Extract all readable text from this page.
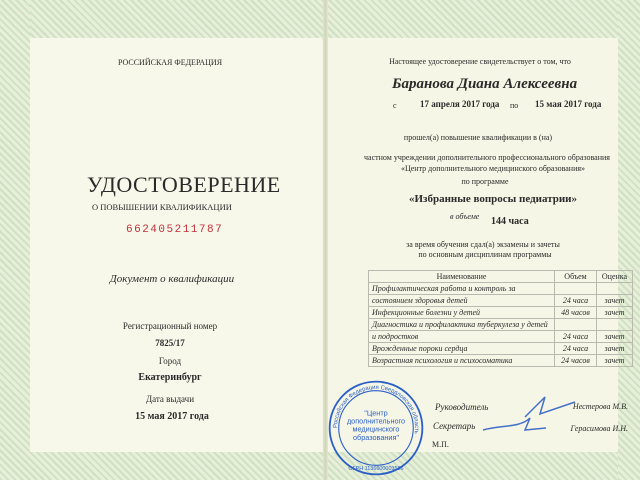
РОССИЙСКАЯ ФЕДЕРАЦИЯ
УДОСТОВЕРЕНИЕ
О ПОВЫШЕНИИ КВАЛИФИКАЦИИ
662405211787
Документ о квалификации
Регистрационный номер
7825/17
Город
Екатеринбург
Дата выдачи
15 мая 2017 года
Настоящее удостоверение свидетельствует о том, что
Баранова Диана Алексеевна
с	17 апреля 2017 года по 15 мая 2017 года
прошел(а) повышение квалификации в (на)
частном учреждении дополнительного профессионального образования
«Центр дополнительного медицинского образования»
по программе
«Избранные вопросы педиатрии»
в объеме 144 часа
за время обучения сдал(а) экзамены и зачеты
по основным дисциплинам программы
Наименование	Объем	Оценка
Профилактическая работа и контроль за		
состоянием здоровья детей	24 часа	зачет
Инфекционные болезни у детей	48 часов	зачет
Диагностика и профилактика туберкулеза у детей		
и подростков	24 часа	зачет
Врожденные пороки сердца	24 часа	зачет
Возрастная психология и психосоматика	24 часов	зачет
Российская Федерация Свердловская область
"Центр дополнительного медицинского образования"
ОГРН 1136600003586
М.П.
Руководитель	Нестерова М.В.
Секретарь	Герасимова И.Н.
